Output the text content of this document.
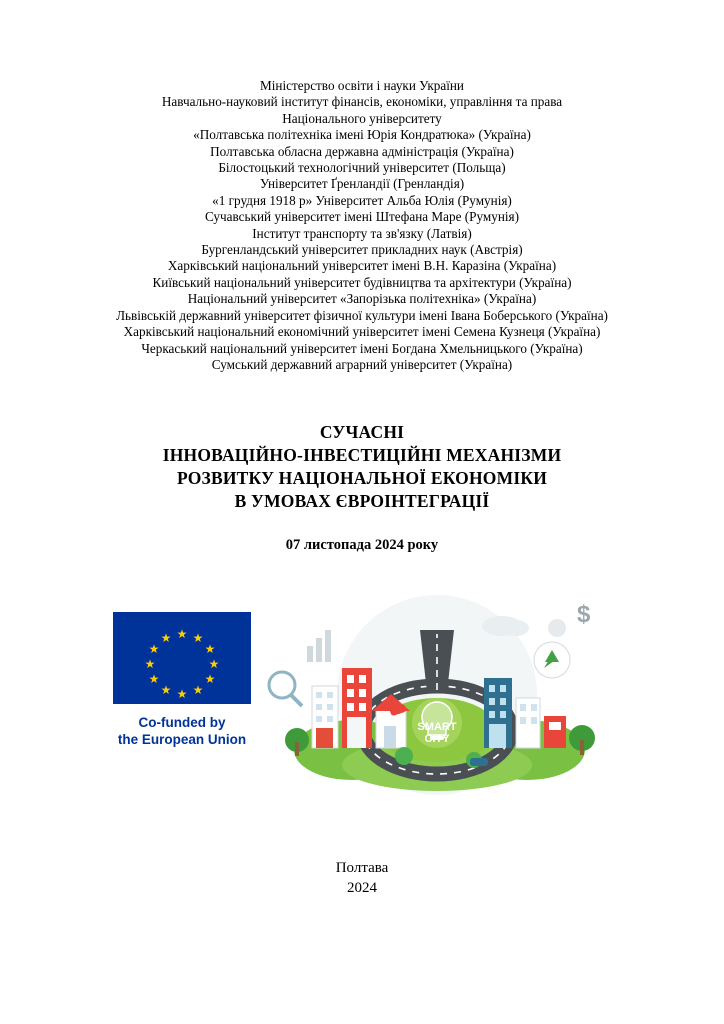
Міністерство освіти і науки України
Навчально-науковий інститут фінансів, економіки, управління та права
Національного університету
«Полтавська політехніка імені Юрія Кондратюка» (Україна)
Полтавська обласна державна адміністрація (Україна)
Білостоцький технологічний університет (Польща)
Університет Ґренландії (Гренландія)
«1 грудня 1918 р» Університет Альба Юлія (Румунія)
Сучавський університет імені Штефана Маре (Румунія)
Інститут транспорту та зв'язку (Латвія)
Бургенландський університет прикладних наук (Австрія)
Харківський національний університет імені В.Н. Каразіна (Україна)
Київський національний університет будівництва та архітектури (Україна)
Національний університет «Запорізька політехніка» (Україна)
Львівській державний університет фізичної культури імені Івана Боберського (Україна)
Харківський національний економічний університет імені Семена Кузнеця (Україна)
Черкаський національний університет імені Богдана Хмельницького (Україна)
Сумський державний аграрний університет (Україна)
СУЧАСНІ
ІННОВАЦІЙНО-ІНВЕСТИЦІЙНІ МЕХАНІЗМИ
РОЗВИТКУ НАЦІОНАЛЬНОЇ ЕКОНОМІКИ
В УМОВАХ ЄВРОІНТЕГРАЦІЇ
07 листопада 2024 року
★ ★
★
★
★
★
★
★
★
★
★
★
Co-funded by
the European Union
SMART
CITY
$
Полтава
2024
